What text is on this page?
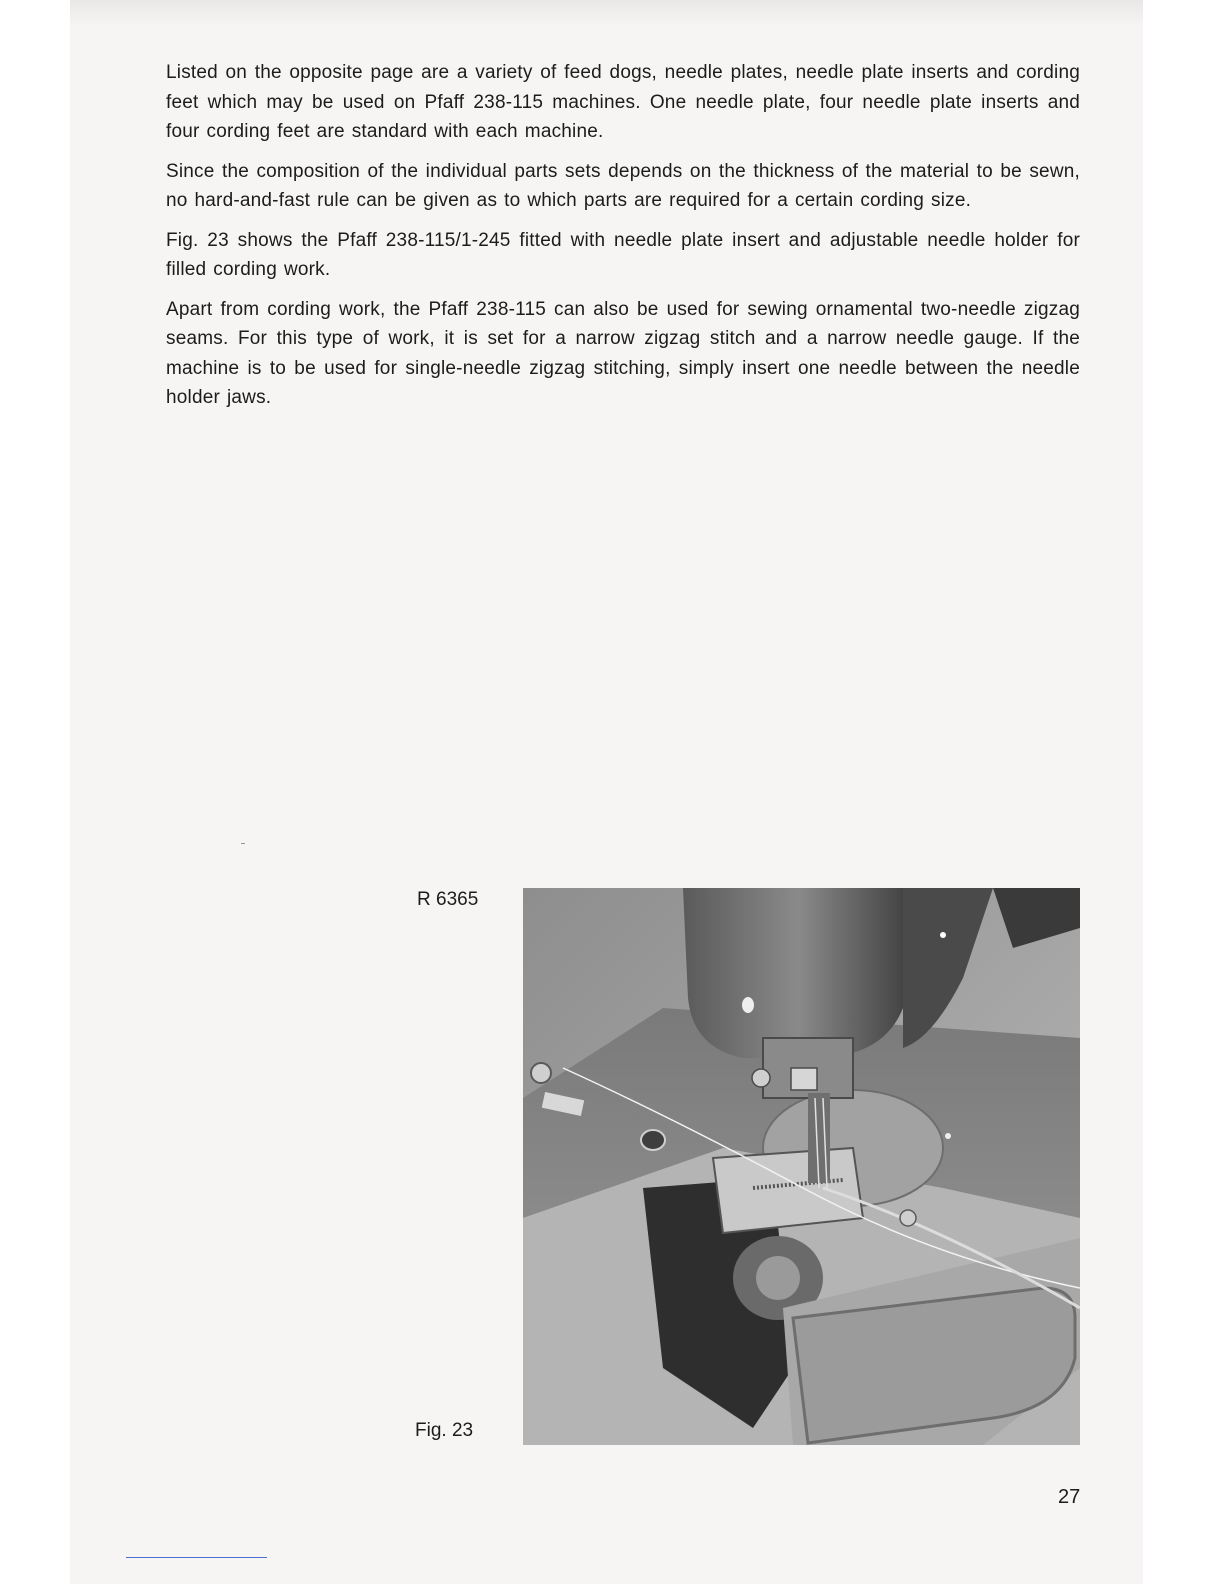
Listed on the opposite page are a variety of feed dogs, needle plates, needle plate inserts and cording feet which may be used on Pfaff 238-115 machines. One needle plate, four needle plate inserts and four cording feet are standard with each machine.

Since the composition of the individual parts sets depends on the thickness of the material to be sewn, no hard-and-fast rule can be given as to which parts are required for a certain cording size.

Fig. 23 shows the Pfaff 238-115/1-245 fitted with needle plate insert and adjustable needle holder for filled cording work.

Apart from cording work, the Pfaff 238-115 can also be used for sewing ornamental two-needle zigzag seams. For this type of work, it is set for a narrow zigzag stitch and a narrow needle gauge. If the machine is to be used for single-needle zigzag stitching, simply insert one needle between the needle holder jaws.

R 6365
Fig. 23
27
